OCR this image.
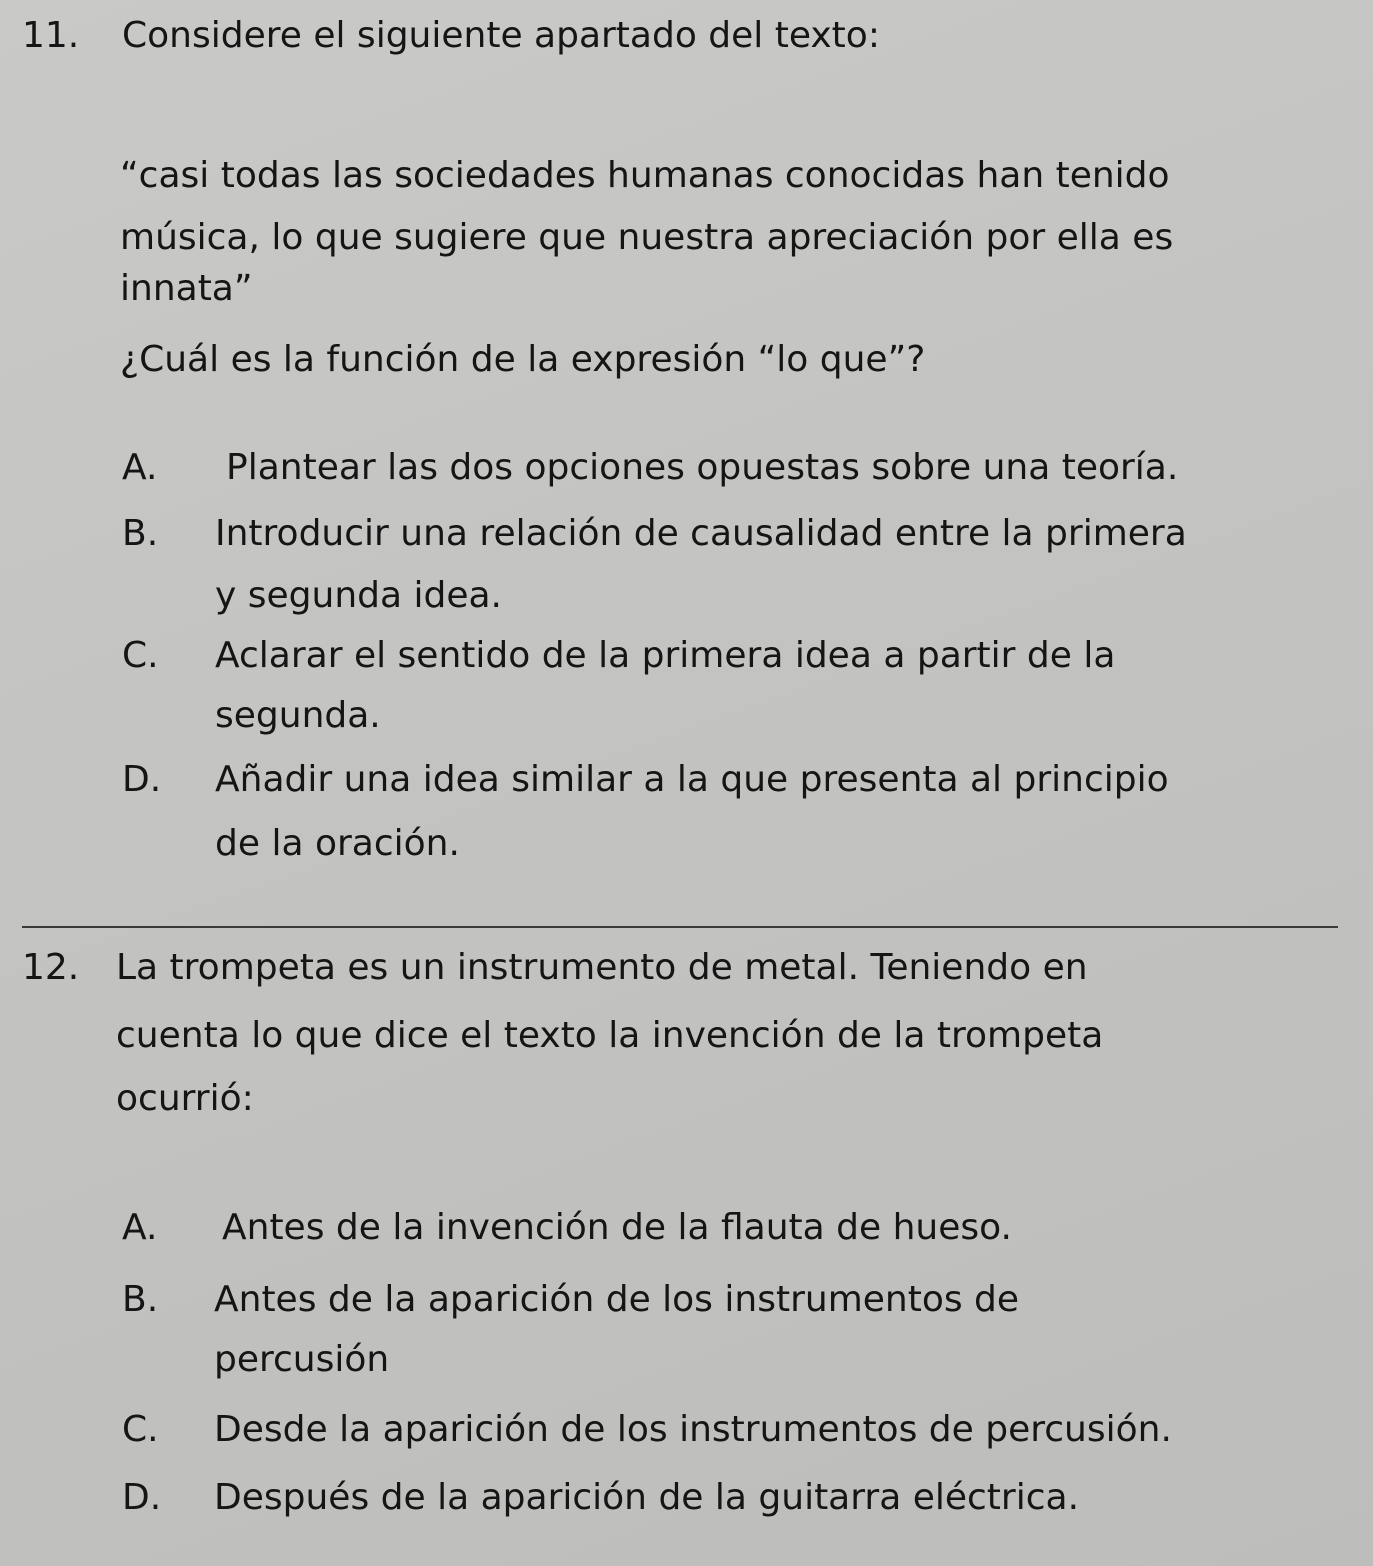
11. Considere el siguiente apartado del texto:
“casi todas las sociedades humanas conocidas han tenido
música, lo que sugiere que nuestra apreciación por ella es
innata”
¿Cuál es la función de la expresión “lo que”?
A. Plantear las dos opciones opuestas sobre una teoría.
B. Introducir una relación de causalidad entre la primera
y segunda idea.
C. Aclarar el sentido de la primera idea a partir de la
segunda.
D. Añadir una idea similar a la que presenta al principio
de la oración.
12. La trompeta es un instrumento de metal. Teniendo en
cuenta lo que dice el texto la invención de la trompeta
ocurrió:
A. Antes de la invención de la flauta de hueso.
B. Antes de la aparición de los instrumentos de
percusión
C. Desde la aparición de los instrumentos de percusión.
D. Después de la aparición de la guitarra eléctrica.
